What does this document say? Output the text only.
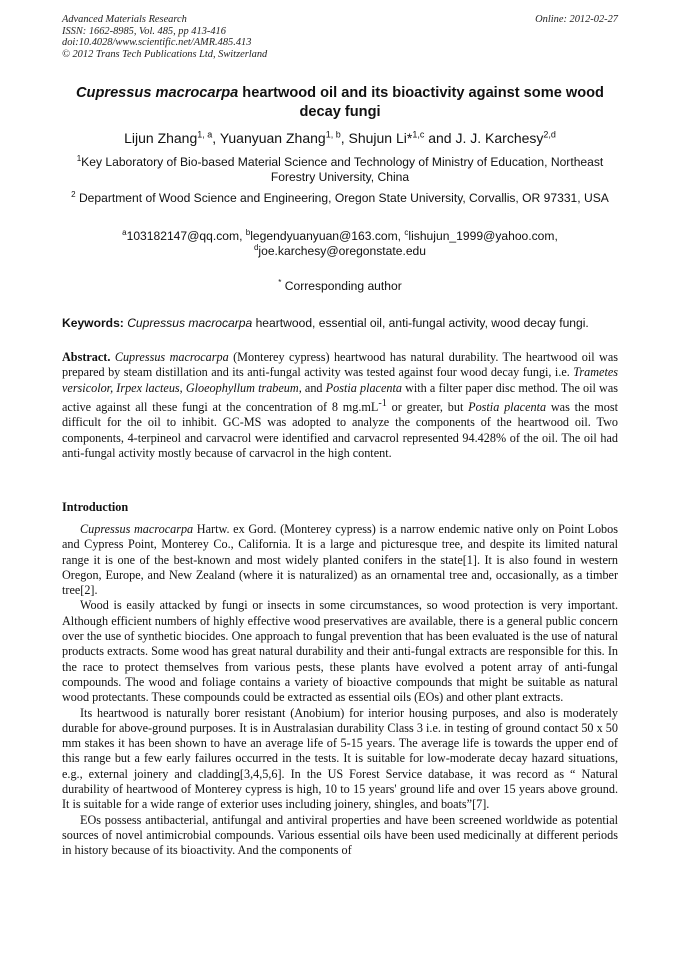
Advanced Materials Research
ISSN: 1662-8985, Vol. 485, pp 413-416
doi:10.4028/www.scientific.net/AMR.485.413
© 2012 Trans Tech Publications Ltd, Switzerland
Online: 2012-02-27
Cupressus macrocarpa heartwood oil and its bioactivity against some wood decay fungi
Lijun Zhang$^{1, a}$, Yuanyuan Zhang$^{1, b}$, Shujun Li*$^{1,c}$ and J. J. Karchesy$^{2,d}$
$^1$Key Laboratory of Bio-based Material Science and Technology of Ministry of Education, Northeast Forestry University, China
$^2$ Department of Wood Science and Engineering, Oregon State University, Corvallis, OR 97331, USA
$^a$103182147@qq.com, $^b$legendyuanyuan@163.com, $^c$lishujun_1999@yahoo.com,
$^d$joe.karchesy@oregonstate.edu
* Corresponding author
Keywords: Cupressus macrocarpa heartwood, essential oil, anti-fungal activity, wood decay fungi.

Abstract. Cupressus macrocarpa (Monterey cypress) heartwood has natural durability. The heartwood oil was prepared by steam distillation and its anti-fungal activity was tested against four wood decay fungi, i.e. Trametes versicolor, Irpex lacteus, Gloeophyllum trabeum, and Postia placenta with a filter paper disc method. The oil was active against all these fungi at the concentration of 8 $mg.mL^{-1}$ or greater, but Postia placenta was the most difficult for the oil to inhibit. GC-MS was adopted to analyze the components of the heartwood oil. Two components, 4-terpineol and carvacrol were identified and carvacrol represented 94.428% of the oil. The oil had anti-fungal activity mostly because of carvacrol in the high content.

Introduction

Cupressus macrocarpa Hartw. ex Gord. (Monterey cypress) is a narrow endemic native only on Point Lobos and Cypress Point, Monterey Co., California. It is a large and picturesque tree, and despite its limited natural range it is one of the best-known and most widely planted conifers in the state[1]. It is also found in western Oregon, Europe, and New Zealand (where it is naturalized) as an ornamental tree and, occasionally, as a timber tree[2].

Wood is easily attacked by fungi or insects in some circumstances, so wood protection is very important. Although efficient numbers of highly effective wood preservatives are available, there is a general public concern over the use of synthetic biocides. One approach to fungal prevention that has been evaluated is the use of natural products extracts. Some wood has great natural durability and their anti-fungal extracts are responsible for this. In the race to protect themselves from various pests, these plants have evolved a potent array of anti-fungal compounds. The wood and foliage contains a variety of bioactive compounds that might be suitable as natural wood protectants. These compounds could be extracted as essential oils (EOs) and other plant extracts.

Its heartwood is naturally borer resistant (Anobium) for interior housing purposes, and also is moderately durable for above-ground purposes. It is in Australasian durability Class 3 i.e. in testing of ground contact 50 x 50 mm stakes it has been shown to have an average life of 5-15 years. The average life is towards the upper end of this range but a few early failures occurred in the tests. It is suitable for low-moderate decay hazard situations, e.g., external joinery and cladding[3,4,5,6]. In the US Forest Service database, it was record as “ Natural durability of heartwood of Monterey cypress is high, 10 to 15 years' ground life and over 15 years above ground. It is suitable for a wide range of exterior uses including joinery, shingles, and boats”[7].

EOs possess antibacterial, antifungal and antiviral properties and have been screened worldwide as potential sources of novel antimicrobial compounds. Various essential oils have been used medicinally at different periods in history because of its bioactivity. And the components of
